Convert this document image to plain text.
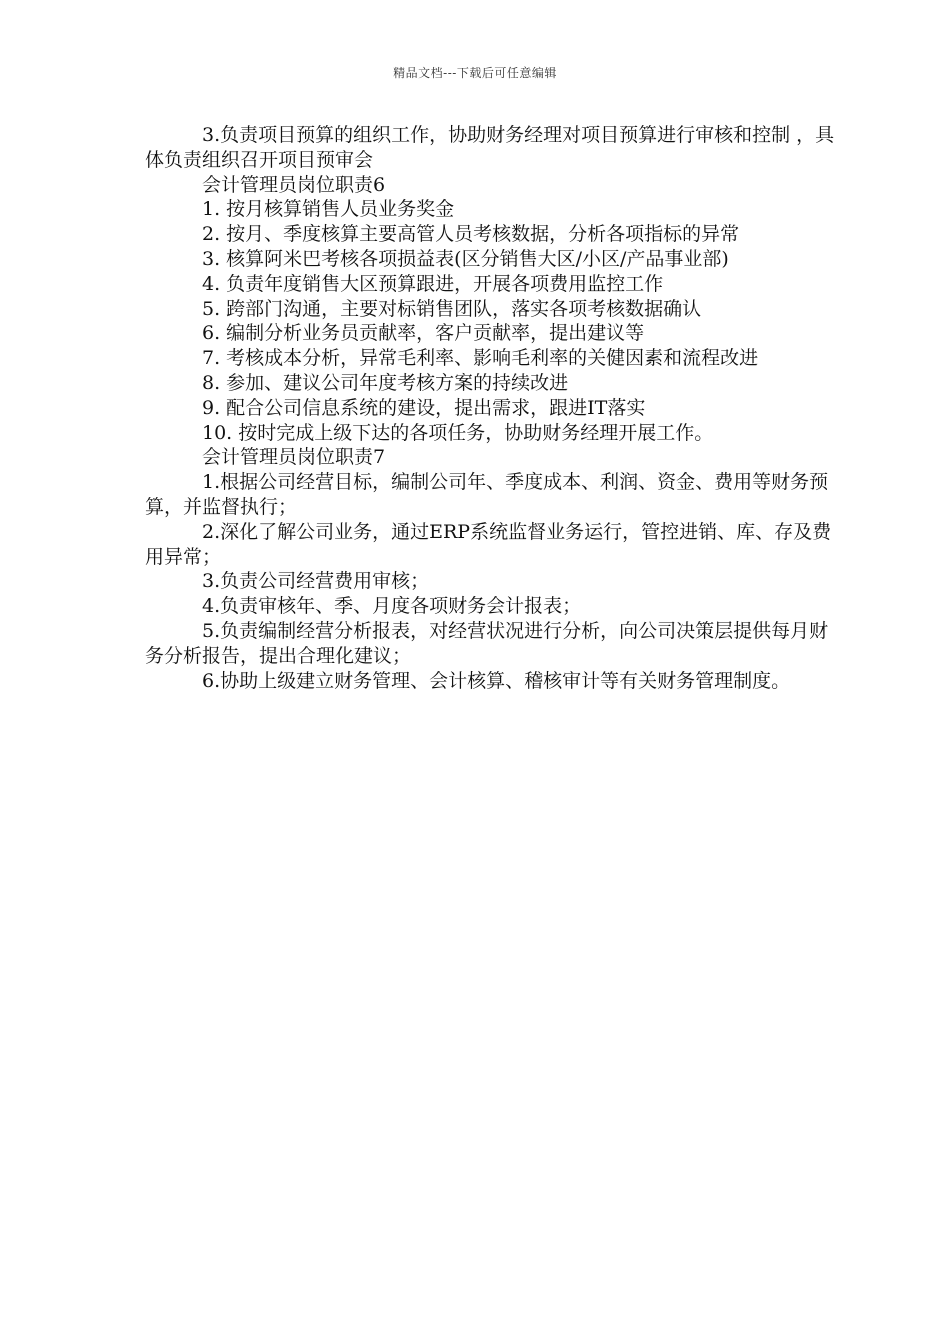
精品文档---下载后可任意编辑

3.负责项目预算的组织工作，协助财务经理对项目预算进行审核和控制 ，具体负责组织召开项目预审会

会计管理员岗位职责6

1. 按月核算销售人员业务奖金

2. 按月、季度核算主要高管人员考核数据，分析各项指标的异常

3. 核算阿米巴考核各项损益表(区分销售大区/小区/产品事业部)

4. 负责年度销售大区预算跟进，开展各项费用监控工作

5. 跨部门沟通，主要对标销售团队，落实各项考核数据确认

6. 编制分析业务员贡献率，客户贡献率，提出建议等

7. 考核成本分析，异常毛利率、影响毛利率的关健因素和流程改进

8. 参加、建议公司年度考核方案的持续改进

9. 配合公司信息系统的建设，提出需求，跟进IT落实

10. 按时完成上级下达的各项任务，协助财务经理开展工作。

会计管理员岗位职责7

1.根据公司经营目标，编制公司年、季度成本、利润、资金、费用等财务预算，并监督执行；

2.深化了解公司业务，通过ERP系统监督业务运行，管控进销、库、存及费用异常；

3.负责公司经营费用审核；

4.负责审核年、季、月度各项财务会计报表；

5.负责编制经营分析报表，对经营状况进行分析，向公司决策层提供每月财务分析报告，提出合理化建议；

6.协助上级建立财务管理、会计核算、稽核审计等有关财务管理制度。
